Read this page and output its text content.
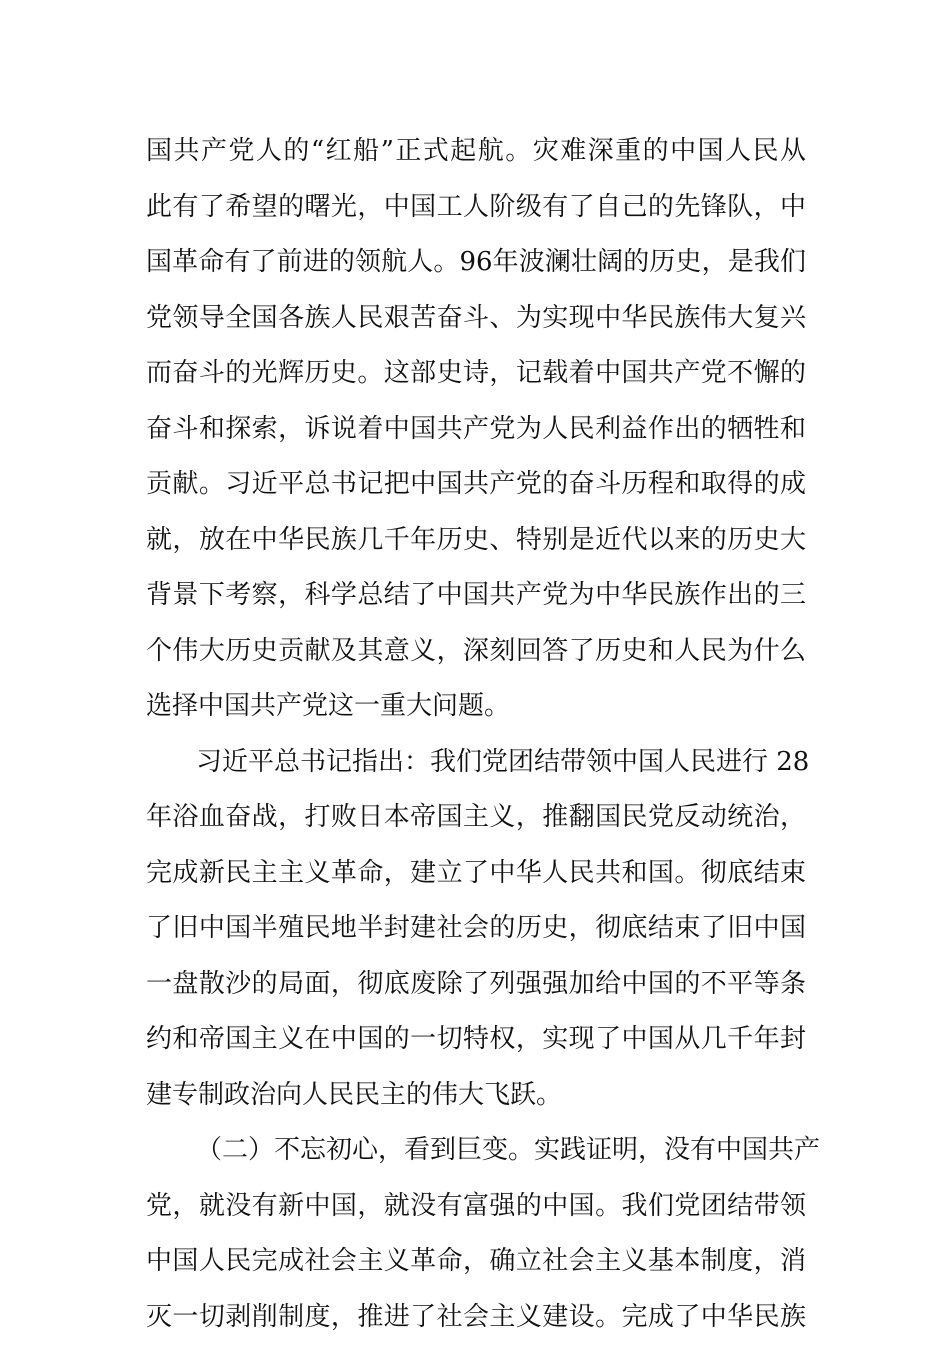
国共产党人的“红船”正式起航。灾难深重的中国人民从
此有了希望的曙光，中国工人阶级有了自己的先锋队，中
国革命有了前进的领航人。96年波澜壮阔的历史，是我们
党领导全国各族人民艰苦奋斗、为实现中华民族伟大复兴
而奋斗的光辉历史。这部史诗，记载着中国共产党不懈的
奋斗和探索，诉说着中国共产党为人民利益作出的牺牲和
贡献。习近平总书记把中国共产党的奋斗历程和取得的成
就，放在中华民族几千年历史、特别是近代以来的历史大
背景下考察，科学总结了中国共产党为中华民族作出的三
个伟大历史贡献及其意义，深刻回答了历史和人民为什么
选择中国共产党这一重大问题。
习近平总书记指出：我们党团结带领中国人民进行 28
年浴血奋战，打败日本帝国主义，推翻国民党反动统治，
完成新民主主义革命，建立了中华人民共和国。彻底结束
了旧中国半殖民地半封建社会的历史，彻底结束了旧中国
一盘散沙的局面，彻底废除了列强强加给中国的不平等条
约和帝国主义在中国的一切特权，实现了中国从几千年封
建专制政治向人民民主的伟大飞跃。
（二）不忘初心，看到巨变。实践证明，没有中国共产
党，就没有新中国，就没有富强的中国。我们党团结带领
中国人民完成社会主义革命，确立社会主义基本制度，消
灭一切剥削制度，推进了社会主义建设。完成了中华民族
